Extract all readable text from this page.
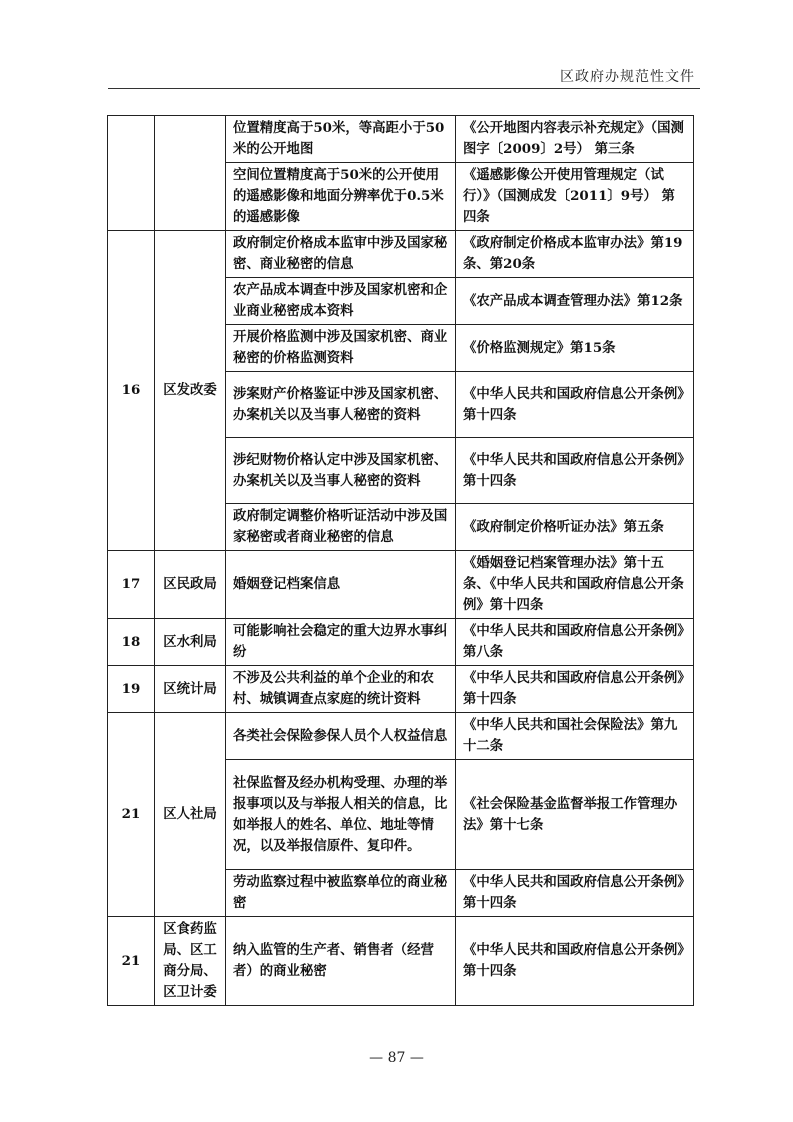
区政府办规范性文件
		位置精度高于50米，等高距小于50米的公开地图	《公开地图内容表示补充规定》（国测图字〔2009〕2号） 第三条
		空间位置精度高于50米的公开使用的遥感影像和地面分辨率优于0.5米的遥感影像	《遥感影像公开使用管理规定（试行）》（国测成发〔2011〕9号） 第四条
16	区发改委	政府制定价格成本监审中涉及国家秘密、商业秘密的信息	《政府制定价格成本监审办法》第19条、第20条
		农产品成本调查中涉及国家机密和企业商业秘密成本资料	《农产品成本调查管理办法》第12条
		开展价格监测中涉及国家机密、商业秘密的价格监测资料	《价格监测规定》第15条
		涉案财产价格鉴证中涉及国家机密、办案机关以及当事人秘密的资料	《中华人民共和国政府信息公开条例》第十四条
		涉纪财物价格认定中涉及国家机密、办案机关以及当事人秘密的资料	《中华人民共和国政府信息公开条例》第十四条
		政府制定调整价格听证活动中涉及国家秘密或者商业秘密的信息	《政府制定价格听证办法》第五条
17	区民政局	婚姻登记档案信息	《婚姻登记档案管理办法》第十五条、《中华人民共和国政府信息公开条例》第十四条
18	区水利局	可能影响社会稳定的重大边界水事纠纷	《中华人民共和国政府信息公开条例》第八条
19	区统计局	不涉及公共利益的单个企业的和农村、城镇调查点家庭的统计资料	《中华人民共和国政府信息公开条例》第十四条
21	区人社局	各类社会保险参保人员个人权益信息	《中华人民共和国社会保险法》第九十二条
		社保监督及经办机构受理、办理的举报事项以及与举报人相关的信息，比如举报人的姓名、单位、地址等情况，以及举报信原件、复印件。	《社会保险基金监督举报工作管理办法》第十七条
		劳动监察过程中被监察单位的商业秘密	《中华人民共和国政府信息公开条例》第十四条
21	区食药监局、区工商分局、区卫计委	纳入监管的生产者、销售者（经营者）的商业秘密	《中华人民共和国政府信息公开条例》第十四条
— 87 —
